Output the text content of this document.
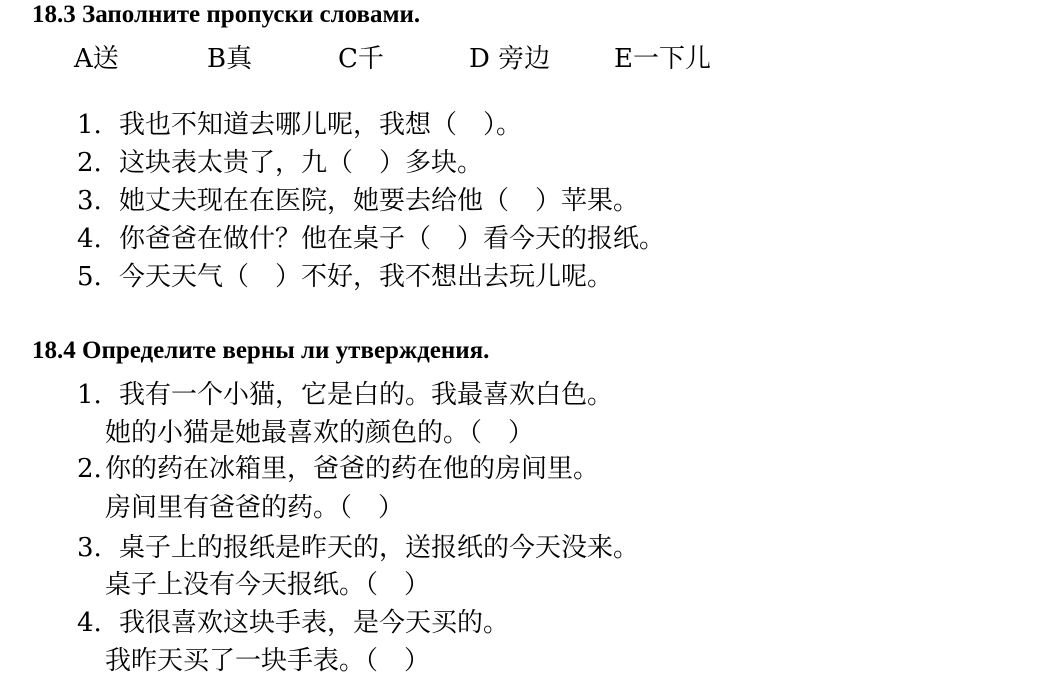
18.3 Заполните пропуски словами.
A送	B真	C千	D 旁边 E一下儿
1. 我也不知道去哪儿呢，我想（　）。
2. 这块表太贵了，九（　）多块。
3. 她丈夫现在在医院，她要去给他（　）苹果。
4. 你爸爸在做什？他在桌子（　）看今天的报纸。
5. 今天天气（　）不好，我不想出去玩儿呢。
18.4 Определите верны ли утверждения.
1. 我有一个小猫，它是白的。我最喜欢白色。
她的小猫是她最喜欢的颜色的。（　）
2. 你的药在冰箱里，爸爸的药在他的房间里。
房间里有爸爸的药。（　）
3. 桌子上的报纸是昨天的，送报纸的今天没来。
桌子上没有今天报纸。（　）
4. 我很喜欢这块手表，是今天买的。
我昨天买了一块手表。（　）
